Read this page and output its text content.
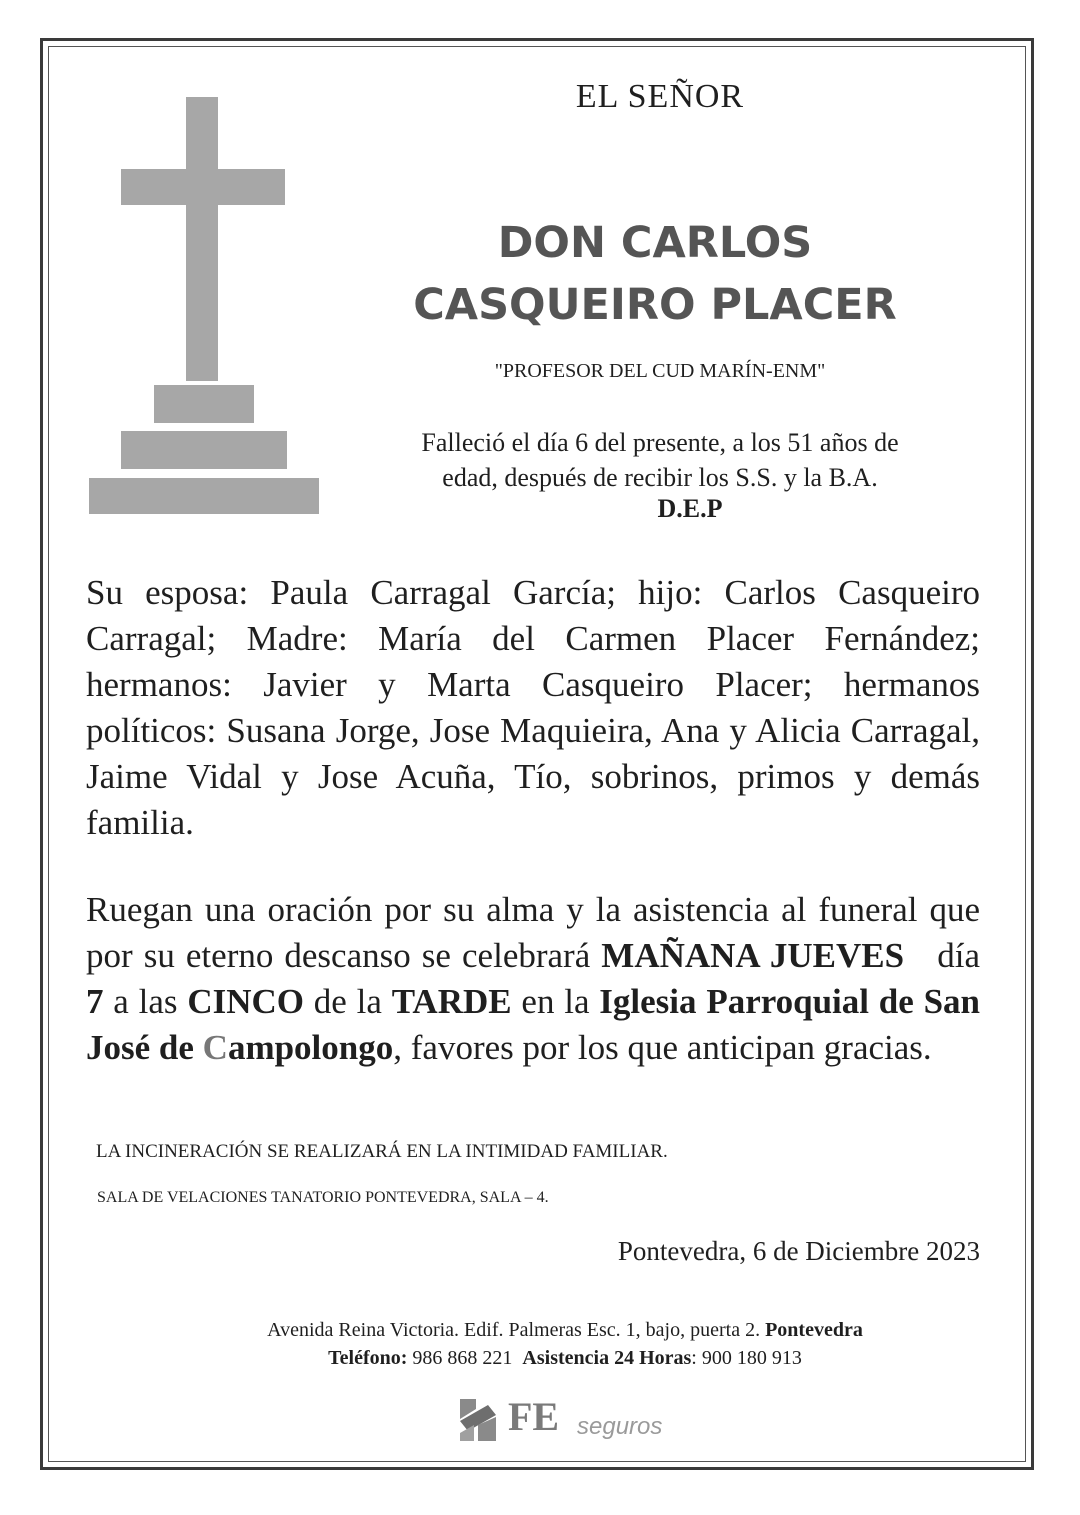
EL SEÑOR
DON CARLOS
CASQUEIRO PLACER
"PROFESOR DEL CUD MARÍN-ENM"
Falleció el día 6 del presente, a los 51 años de
edad, después de recibir los S.S. y la B.A.
D.E.P
Su esposa: Paula Carragal García; hijo: Carlos Casqueiro Carragal; Madre: María del Carmen Placer Fernández; hermanos: Javier y Marta Casqueiro Placer; hermanos políticos: Susana Jorge, Jose Maquieira, Ana y Alicia Carragal, Jaime Vidal y Jose Acuña, Tío, sobrinos, primos y demás familia.
Ruegan una oración por su alma y la asistencia al funeral que por su eterno descanso se celebrará MAÑANA JUEVES día 7 a las CINCO de la TARDE en la Iglesia Parroquial de San José de Campolongo, favores por los que anticipan gracias.
LA INCINERACIÓN SE REALIZARÁ EN LA INTIMIDAD FAMILIAR.
SALA DE VELACIONES TANATORIO PONTEVEDRA, SALA – 4.
Pontevedra, 6 de Diciembre 2023
Avenida Reina Victoria. Edif. Palmeras Esc. 1, bajo, puerta 2. Pontevedra
Teléfono: 986 868 221 Asistencia 24 Horas: 900 180 913
FE seguros
